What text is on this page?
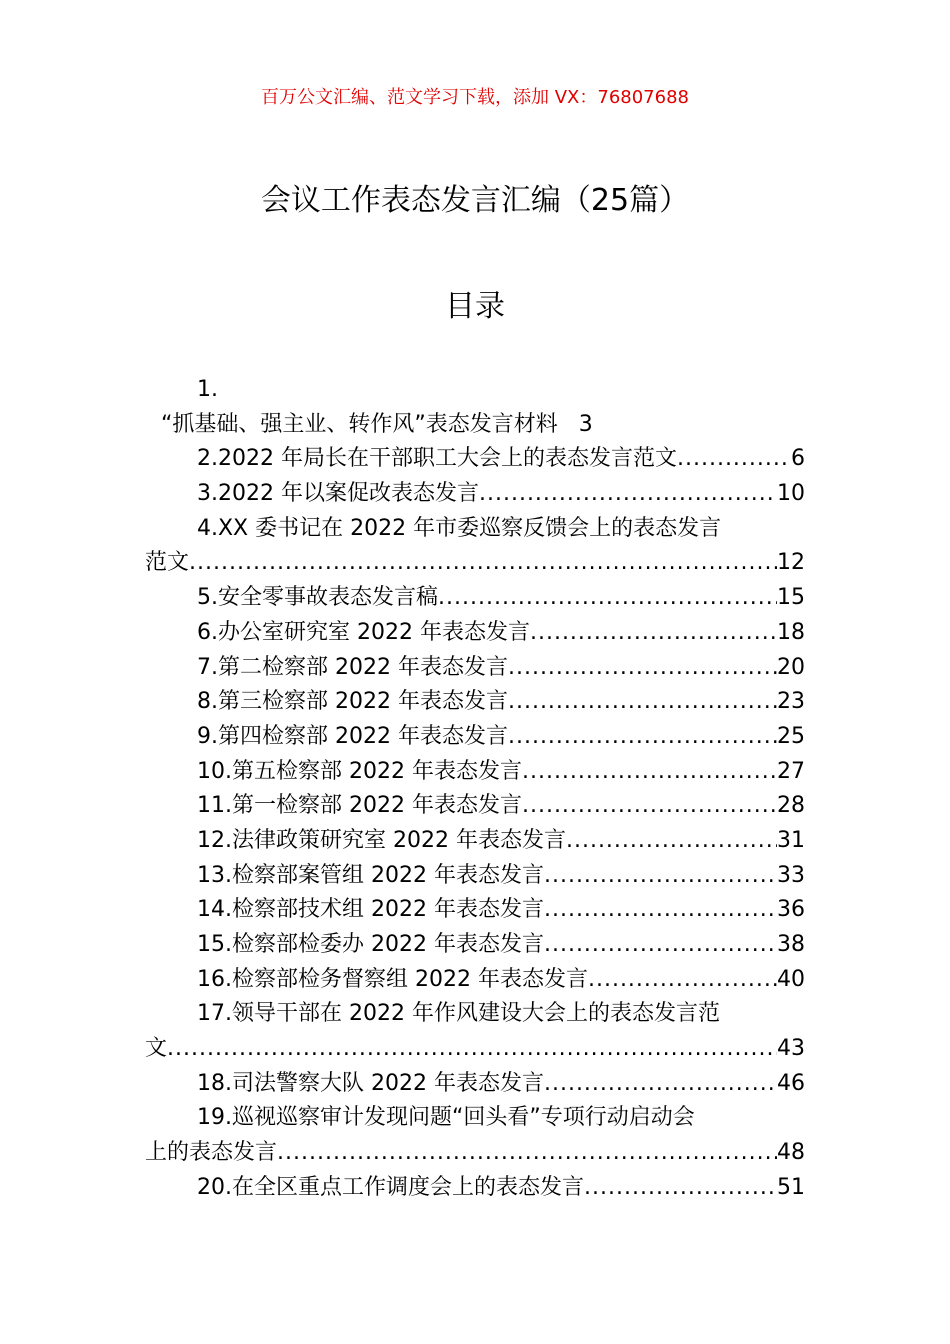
百万公文汇编、范文学习下载，添加 VX：76807688
会议工作表态发言汇编（25篇）
目录
1.
“抓基础、强主业、转作风”表态发言材料 3
2.2022 年局长在干部职工大会上的表态发言范文 .....	6
3.2022 年以案促改表态发言 .....	10
4.XX 委书记在 2022 年市委巡察反馈会上的表态发言
范文 .....	12
5.安全零事故表态发言稿 .....	15
6.办公室研究室 2022 年表态发言 .....	18
7.第二检察部 2022 年表态发言 .....	20
8.第三检察部 2022 年表态发言 .....	23
9.第四检察部 2022 年表态发言 .....	25
10.第五检察部 2022 年表态发言 .....	27
11.第一检察部 2022 年表态发言 .....	28
12.法律政策研究室 2022 年表态发言 .....	31
13.检察部案管组 2022 年表态发言 .....	33
14.检察部技术组 2022 年表态发言 .....	36
15.检察部检委办 2022 年表态发言 .....	38
16.检察部检务督察组 2022 年表态发言 .....	40
17.领导干部在 2022 年作风建设大会上的表态发言范
文 .....	43
18.司法警察大队 2022 年表态发言 .....	46
19.巡视巡察审计发现问题“回头看”专项行动启动会
上的表态发言 .....	48
20.在全区重点工作调度会上的表态发言 .....	51
